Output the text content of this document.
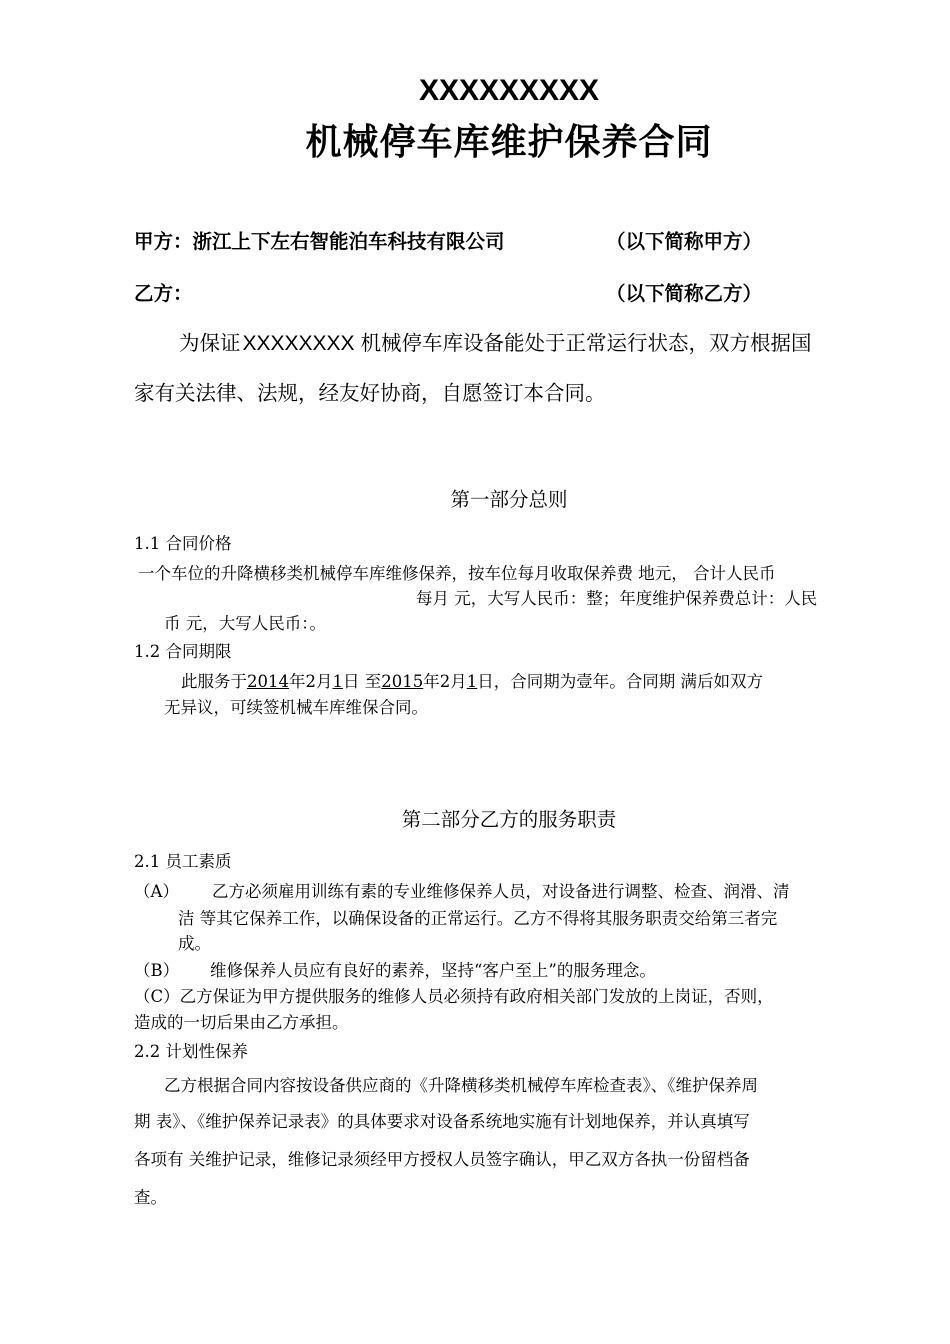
XXXXXXXXX
机械停车库维护保养合同
甲方：浙江上下左右智能泊车科技有限公司	（以下简称甲方）
乙方：	（以下简称乙方）
为保证XXXXXXXX 机械停车库设备能处于正常运行状态，双方根据国
家有关法律、法规，经友好协商，自愿签订本合同。
第一部分总则
1.1 合同价格
一个车位的升降横移类机械停车库维修保养，按车位每月收取保养费 地元， 合计人民币
每月 元，大写人民币：整；年度维护保养费总计：人民
币 元，大写人民币：。
1.2 合同期限
此服务于2014年2月1日 至2015年2月1日，合同期为壹年。合同期 满后如双方
无异议，可续签机械车库维保合同。
第二部分乙方的服务职责
2.1 员工素质
（A） 乙方必须雇用训练有素的专业维修保养人员，对设备进行调整、检查、润滑、清
洁 等其它保养工作，以确保设备的正常运行。乙方不得将其服务职责交给第三者完
成。
（B） 维修保养人员应有良好的素养，坚持“客户至上”的服务理念。
（C）乙方保证为甲方提供服务的维修人员必须持有政府相关部门发放的上岗证，否则，
造成的一切后果由乙方承担。
2.2 计划性保养
乙方根据合同内容按设备供应商的《升降横移类机械停车库检查表》、《维护保养周
期 表》、《维护保养记录表》的具体要求对设备系统地实施有计划地保养，并认真填写
各项有 关维护记录，维修记录须经甲方授权人员签字确认，甲乙双方各执一份留档备
查。
